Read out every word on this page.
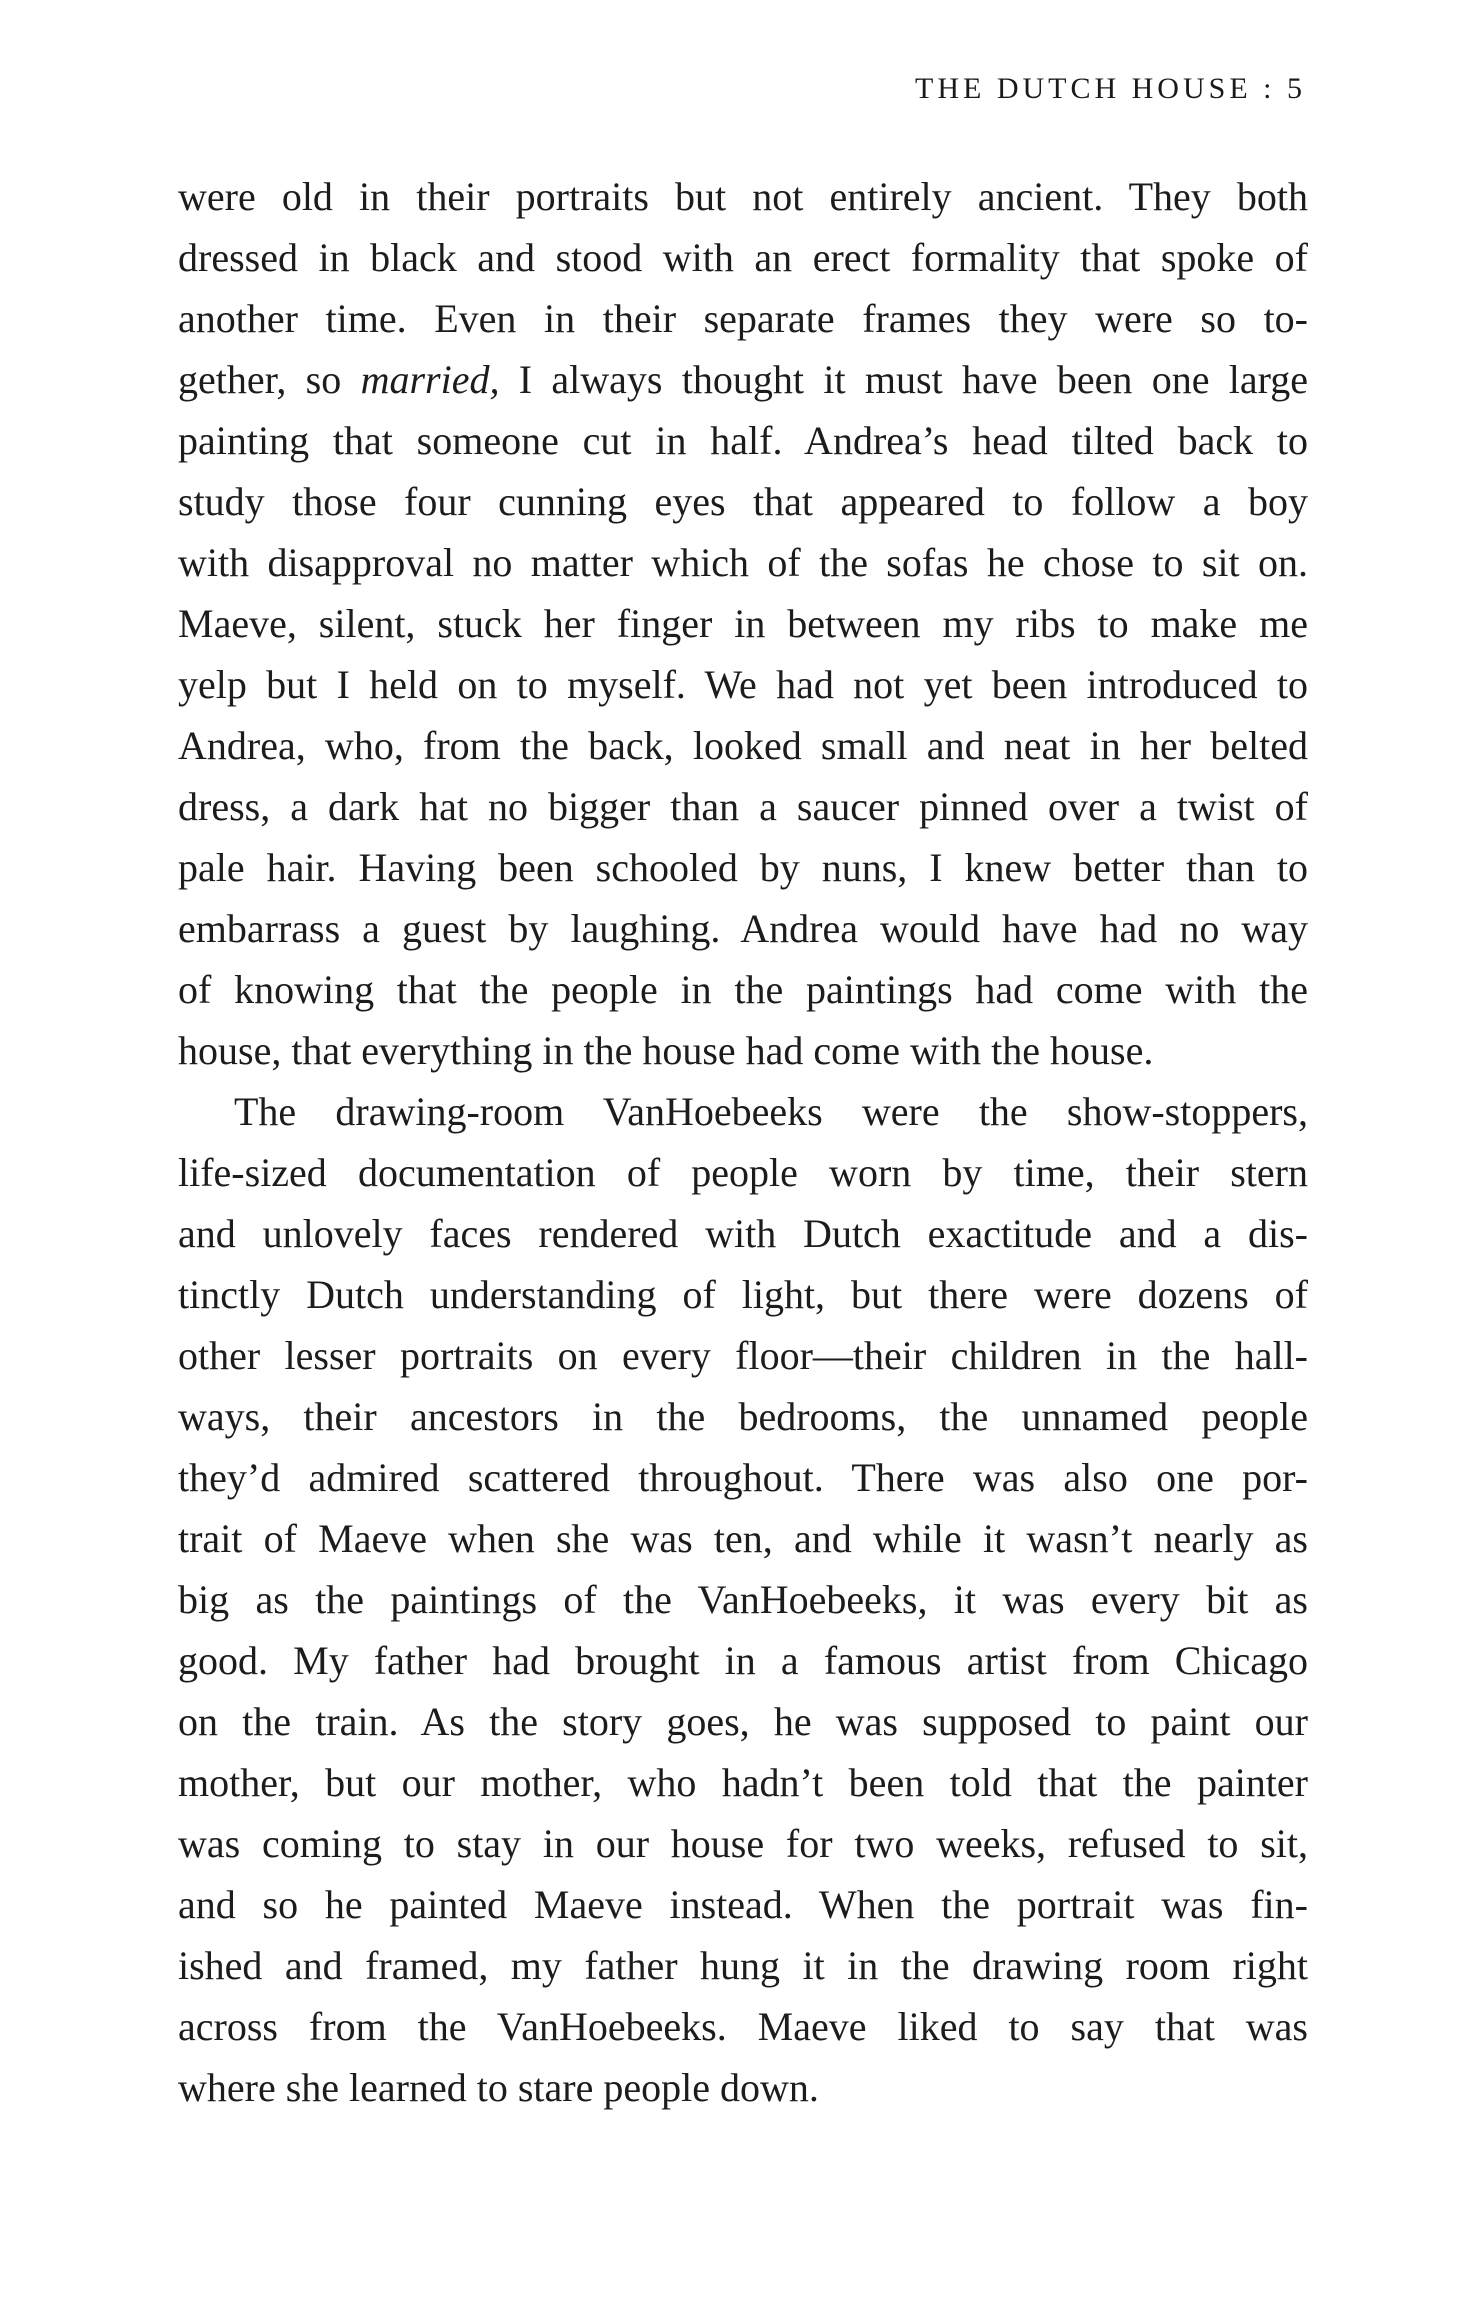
THE DUTCH HOUSE : 5
were old in their portraits but not entirely ancient. They both
dressed in black and stood with an erect formality that spoke of
another time. Even in their separate frames they were so to-
gether, so married, I always thought it must have been one large
painting that someone cut in half. Andrea’s head tilted back to
study those four cunning eyes that appeared to follow a boy
with disapproval no matter which of the sofas he chose to sit on.
Maeve, silent, stuck her finger in between my ribs to make me
yelp but I held on to myself. We had not yet been introduced to
Andrea, who, from the back, looked small and neat in her belted
dress, a dark hat no bigger than a saucer pinned over a twist of
pale hair. Having been schooled by nuns, I knew better than to
embarrass a guest by laughing. Andrea would have had no way
of knowing that the people in the paintings had come with the
house, that everything in the house had come with the house.
The drawing-room VanHoebeeks were the show-stoppers,
life-sized documentation of people worn by time, their stern
and unlovely faces rendered with Dutch exactitude and a dis-
tinctly Dutch understanding of light, but there were dozens of
other lesser portraits on every floor—their children in the hall-
ways, their ancestors in the bedrooms, the unnamed people
they’d admired scattered throughout. There was also one por-
trait of Maeve when she was ten, and while it wasn’t nearly as
big as the paintings of the VanHoebeeks, it was every bit as
good. My father had brought in a famous artist from Chicago
on the train. As the story goes, he was supposed to paint our
mother, but our mother, who hadn’t been told that the painter
was coming to stay in our house for two weeks, refused to sit,
and so he painted Maeve instead. When the portrait was fin-
ished and framed, my father hung it in the drawing room right
across from the VanHoebeeks. Maeve liked to say that was
where she learned to stare people down.
